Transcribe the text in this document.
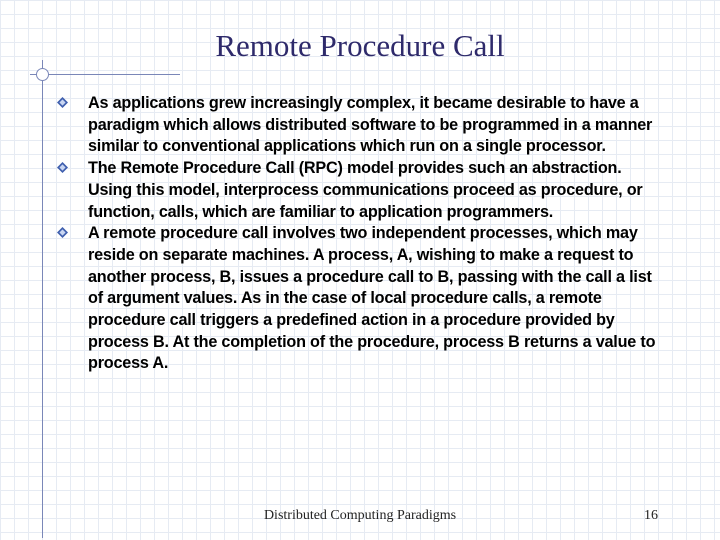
Remote Procedure Call
As applications grew increasingly complex, it became desirable to have a paradigm which allows distributed software to be programmed in a manner similar to conventional applications which run on a single processor.
The Remote Procedure Call (RPC) model provides such an abstraction. Using this model, interprocess communications proceed as procedure, or function, calls, which are familiar to application programmers.
A remote procedure call involves two independent processes, which may reside on separate machines. A process, A, wishing to make a request to another process, B, issues a procedure call to B, passing with the call a list of argument values. As in the case of local procedure calls, a remote procedure call triggers a predefined action in a procedure provided by process B. At the completion of the procedure, process B returns a value to process A.
Distributed Computing Paradigms	16
